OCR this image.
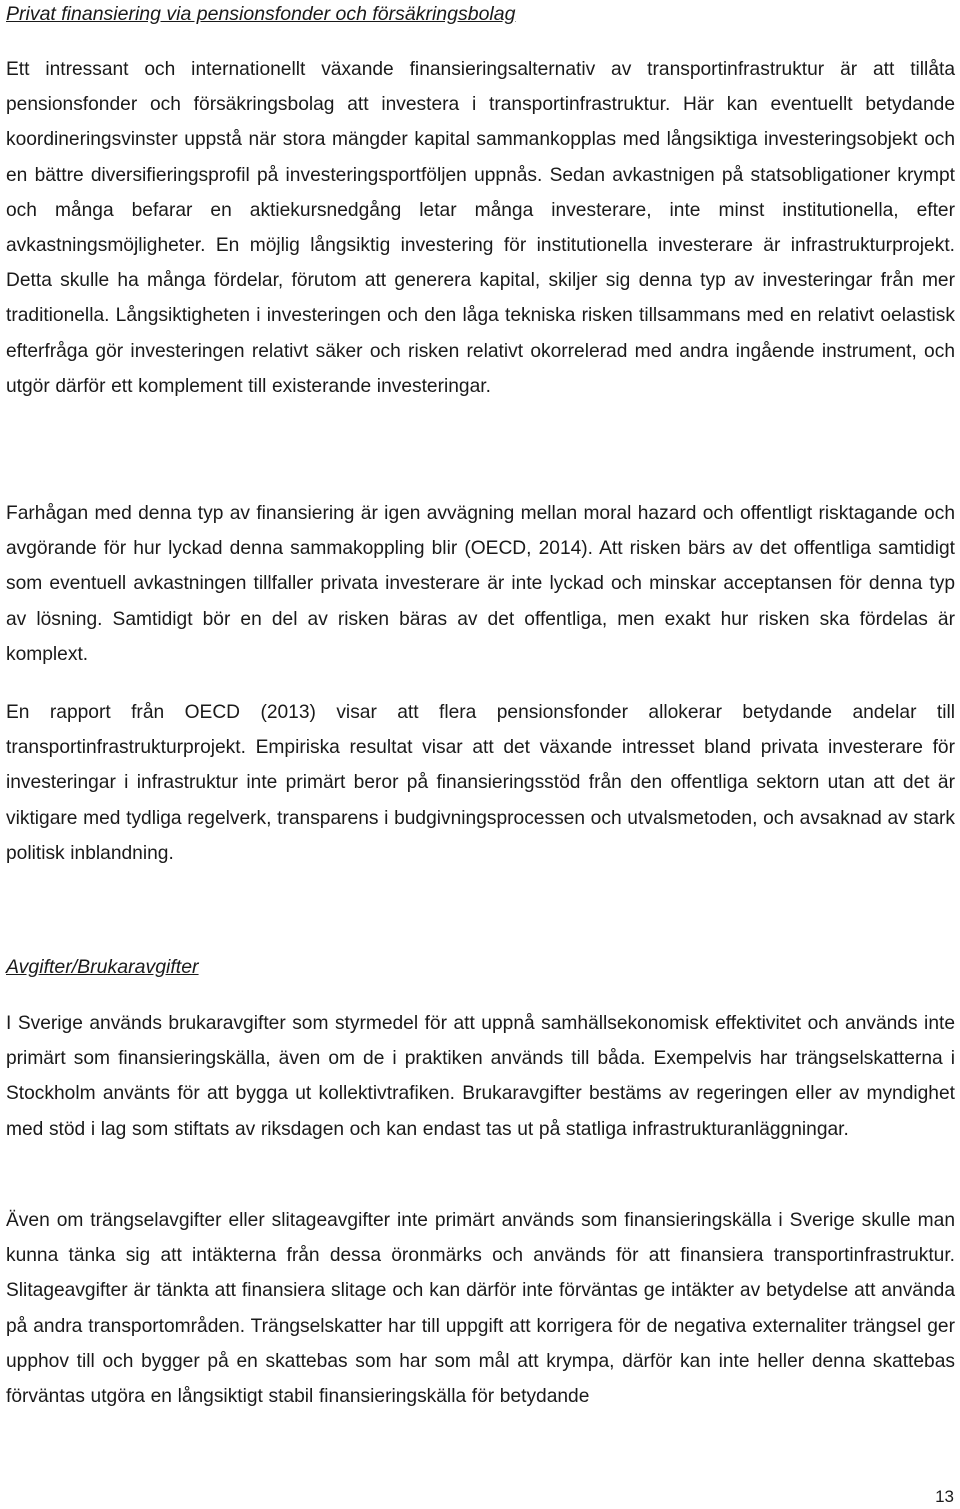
Privat finansiering via pensionsfonder och försäkringsbolag

Ett intressant och internationellt växande finansieringsalternativ av transportinfrastruktur är att tillåta pensionsfonder och försäkringsbolag att investera i transportinfrastruktur. Här kan eventuellt betydande koordineringsvinster uppstå när stora mängder kapital sammankopplas med långsiktiga investeringsobjekt och en bättre diversifieringsprofil på investeringsportföljen uppnås. Sedan avkastnigen på statsobligationer krympt och många befarar en aktiekursnedgång letar många investerare, inte minst institutionella, efter avkastningsmöjligheter. En möjlig långsiktig investering för institutionella investerare är infrastrukturprojekt. Detta skulle ha många fördelar, förutom att generera kapital, skiljer sig denna typ av investeringar från mer traditionella. Långsiktigheten i investeringen och den låga tekniska risken tillsammans med en relativt oelastisk efterfråga gör investeringen relativt säker och risken relativt okorrelerad med andra ingående instrument, och utgör därför ett komplement till existerande investeringar.

Farhågan med denna typ av finansiering är igen avvägning mellan moral hazard och offentligt risktagande och avgörande för hur lyckad denna sammakoppling blir (OECD, 2014). Att risken bärs av det offentliga samtidigt som eventuell avkastningen tillfaller privata investerare är inte lyckad och minskar acceptansen för denna typ av lösning. Samtidigt bör en del av risken bäras av det offentliga, men exakt hur risken ska fördelas är komplext.

En rapport från OECD (2013) visar att flera pensionsfonder allokerar betydande andelar till transportinfrastrukturprojekt. Empiriska resultat visar att det växande intresset bland privata investerare för investeringar i infrastruktur inte primärt beror på finansieringsstöd från den offentliga sektorn utan att det är viktigare med tydliga regelverk, transparens i budgivningsprocessen och utvalsmetoden, och avsaknad av stark politisk inblandning.

Avgifter/Brukaravgifter

I Sverige används brukaravgifter som styrmedel för att uppnå samhällsekonomisk effektivitet och används inte primärt som finansieringskälla, även om de i praktiken används till båda. Exempelvis har trängselskatterna i Stockholm använts för att bygga ut kollektivtrafiken. Brukaravgifter bestäms av regeringen eller av myndighet med stöd i lag som stiftats av riksdagen och kan endast tas ut på statliga infrastrukturanläggningar.

Även om trängselavgifter eller slitageavgifter inte primärt används som finansieringskälla i Sverige skulle man kunna tänka sig att intäkterna från dessa öronmärks och används för att finansiera transportinfrastruktur. Slitageavgifter är tänkta att finansiera slitage och kan därför inte förväntas ge intäkter av betydelse att använda på andra transportområden. Trängselskatter har till uppgift att korrigera för de negativa externaliter trängsel ger upphov till och bygger på en skattebas som har som mål att krympa, därför kan inte heller denna skattebas förväntas utgöra en långsiktigt stabil finansieringskälla för betydande

13
